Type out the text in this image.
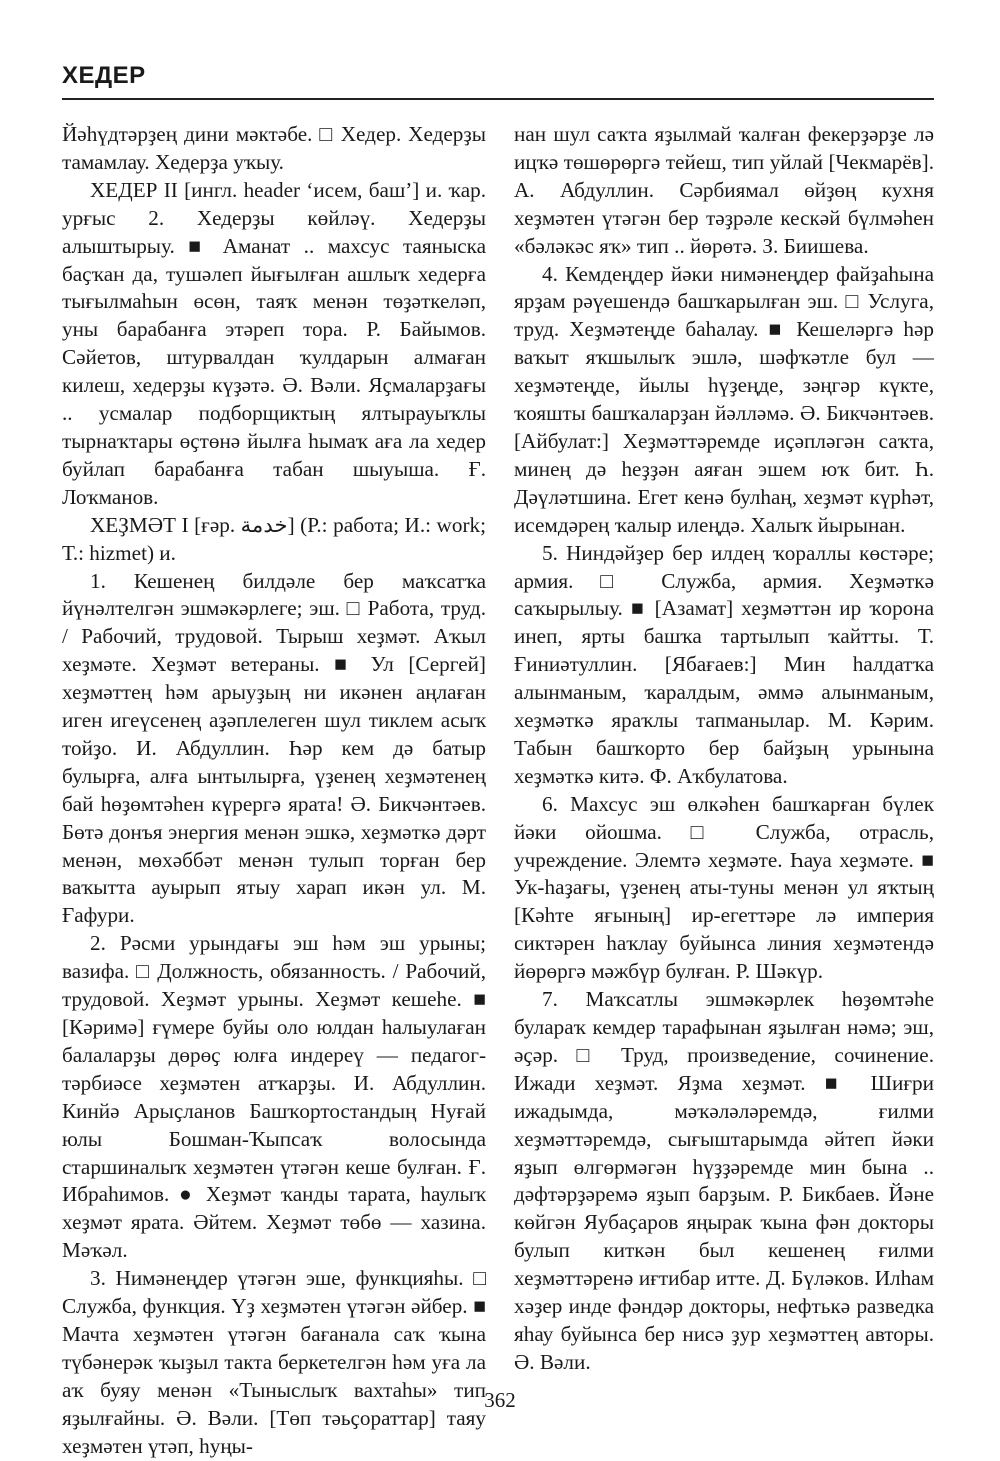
ХЕДЕР

Йәһүдтәрҙең дини мәктәбе. □ Хедер. Хедерҙы тамамлау. Хедерҙа уҡыу.

ХЕДЕР II [ингл. header ‘исем, баш’] и. ҡар. урғыс 2. Хедерҙы көйләү. Хедерҙы алыштырыу. ■ Аманат .. махсус таяныска баҫҡан да, тушәлеп йығылған ашлыҡ хедерға тығылмаһын өсөн, таяҡ менән төҙәткеләп, уны барабанға этәреп тора. Р. Байымов. Сәйетов, штурвалдан ҡулдарын алмаған килеш, хедерҙы күҙәтә. Ә. Вәли. Яҫмаларҙағы .. усмалар подборщиктың ялтырауыҡлы тырнаҡтары өҫтөнә йылға һымаҡ аға ла хедер буйлап барабанға табан шыуыша. Ғ. Лоҡманов.

ХЕҘМӘТ I [ғәр. خدمة] (Р.: работа; И.: work; Т.: hizmet) и.

1. Кешенең билдәле бер маҡсатҡа йүнәлтелгән эшмәкәрлеге; эш. □ Работа, труд. / Рабочий, трудовой. Тырыш хеҙмәт. Аҡыл хеҙмәте. Хеҙмәт ветераны. ■ Ул [Сергей] хеҙмәттең һәм арыуҙың ни икәнен аңлаған иген игеүсенең аҙәплелеген шул тиклем асыҡ тойҙо. И. Абдуллин. Һәр кем дә батыр булырға, алға ынтылырға, үҙенең хеҙмәтенең бай һөҙөмтәһен күрергә ярата! Ә. Бикчәнтәев. Бөтә донъя энергия менән эшкә, хеҙмәткә дәрт менән, мөхәббәт менән тулып торған бер ваҡытта ауырып ятыу харап икән ул. М. Ғафури.

2. Рәсми урындағы эш һәм эш урыны; вазифа. □ Должность, обязанность. / Рабочий, трудовой. Хеҙмәт урыны. Хеҙмәт кешеһе. ■ [Кәримә] ғүмере буйы оло юлдан һалыулаған балаларҙы дөрөҫ юлға индереү — педагог-тәрбиәсе хеҙмәтен атҡарҙы. И. Абдуллин. Кинйә Арыҫланов Башҡортостандың Нуғай юлы Бошман-Ҡыпсаҡ волосында старшиналыҡ хеҙмәтен үтәгән кеше булған. Ғ. Ибраһимов. ● Хеҙмәт ҡанды тарата, һаулыҡ хеҙмәт ярата. Әйтем. Хеҙмәт төбө — хазина. Мәҡәл.

3. Нимәнеңдер үтәгән эше, функцияһы. □ Служба, функция. Үҙ хеҙмәтен үтәгән әйбер. ■ Мачта хеҙмәтен үтәгән бағанала саҡ ҡына түбәнерәк ҡыҙыл такта беркетелгән һәм уға ла аҡ буяу менән «Тыныслыҡ вахтаһы» тип яҙылғайны. Ә. Вәли. [Төп тәьҫораттар] таяу хеҙмәтен үтәп, һуңы-

нан шул саҡта яҙылмай ҡалған фекерҙәрҙе лә ицҡә төшөрөргә тейеш, тип уйлай [Чекмарёв]. А. Абдуллин. Сәрбиямал өйҙөң кухня хеҙмәтен үтәгән бер тәҙрәле кескәй бүлмәһен «бәләкәс яҡ» тип .. йөрөтә. З. Биишева.

4. Кемдеңдер йәки нимәнеңдер файҙаһына ярҙам рәүешендә башҡарылған эш. □ Услуга, труд. Хеҙмәтеңде баһалау. ■ Кешеләргә һәр ваҡыт яҡшылыҡ эшлә, шәфҡәтле бул — хеҙмәтеңде, йылы һүҙеңде, зәңгәр күкте, ҡояшты башҡаларҙан йәлләмә. Ә. Бикчәнтәев. [Айбулат:] Хеҙмәттәремде иҫәпләгән саҡта, минең дә һеҙҙән аяған эшем юҡ бит. Һ. Дәүләтшина. Егет кенә булһаң, хеҙмәт күрһәт, исемдәрең ҡалыр илеңдә. Халыҡ йырынан.

5. Ниндәйҙер бер илдең ҡораллы көстәре; армия. □ Служба, армия. Хеҙмәткә саҡырылыу. ■ [Азамат] хеҙмәттән ир ҡорона инеп, ярты башҡа тартылып ҡайтты. Т. Ғиниәтуллин. [Ябағаев:] Мин һалдатҡа алынманым, ҡаралдым, әммә алынманым, хеҙмәткә яраҡлы тапманылар. М. Кәрим. Табын башҡорто бер байҙың урынына хеҙмәткә китә. Ф. Аҡбулатова.

6. Махсус эш өлкәһен башҡарған бүлек йәки ойошма. □ Служба, отрасль, учреждение. Элемтә хеҙмәте. Һауа хеҙмәте. ■ Ук-һаҙағы, үҙенең аты-туны менән ул яҡтың [Кәһте яғының] ир-егеттәре лә империя сиктәрен һаҡлау буйынса линия хеҙмәтендә йөрөргә мәжбүр булған. Р. Шәкүр.

7. Маҡсатлы эшмәкәрлек һөҙөмтәһе булараҡ кемдер тарафынан яҙылған нәмә; эш, әҫәр. □ Труд, произведение, сочинение. Ижади хеҙмәт. Яҙма хеҙмәт. ■ Шиғри ижадымда, мәҡәләләремдә, ғилми хеҙмәттәремдә, сығыштарымда әйтеп йәки яҙып өлгөрмәгән һүҙҙәремде мин бына .. дәфтәрҙәремә яҙып барҙым. Р. Бикбаев. Йәне көйгән Яубаҫаров яңырак ҡына фән докторы булып киткән был кешенең ғилми хеҙмәттәренә иғтибар итте. Д. Бүләков. Илһам хәҙер инде фәндәр докторы, нефтькә разведка яһау буйынса бер нисә ҙур хеҙмәттең авторы. Ә. Вәли.

362
